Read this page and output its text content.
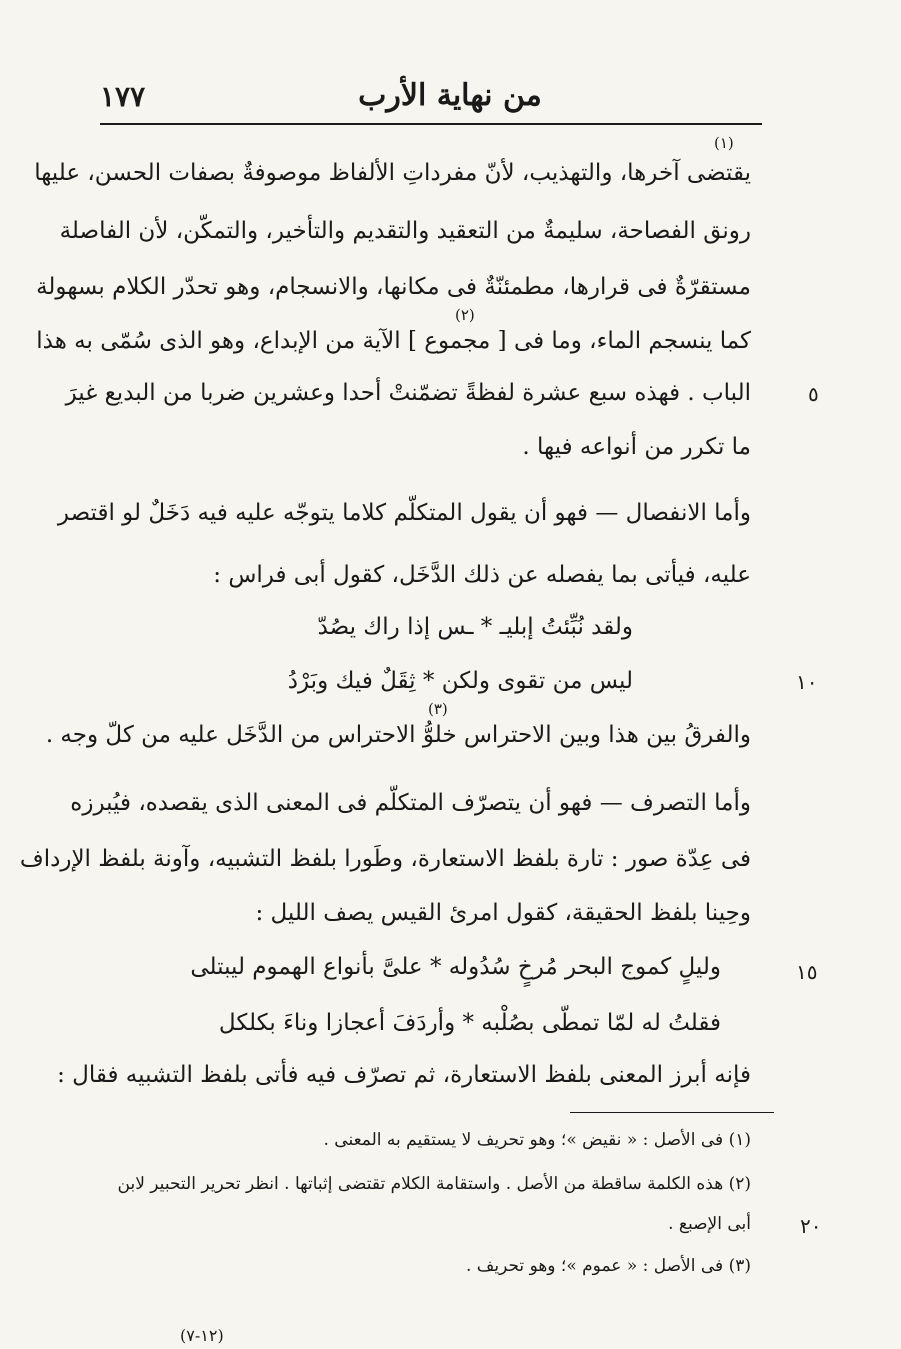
١٧٧	من نهاية الأرب
(١)
يقتضى آخرها، والتهذيب، لأنّ مفرداتِ الألفاظ موصوفةٌ بصفات الحسن، عليها
رونق الفصاحة، سليمةٌ من التعقيد والتقديم والتأخير، والتمكّن، لأن الفاصلة
مستقرّةٌ فى قرارها، مطمئنّةٌ فى مكانها، والانسجام، وهو تحدّر الكلام بسهولة
(٢)
كما ينسجم الماء، وما فى [ مجموع ] الآية من الإبداع، وهو الذى سُمّى به هذا
٥
الباب . فهذه سبع عشرة لفظةً تضمّنتْ أحدا وعشرين ضربا من البديع غيرَ
ما تكرر من أنواعه فيها .
وأما الانفصال — فهو أن يقول المتكلّم كلاما يتوجّه عليه فيه دَخَلٌ لو اقتصر
عليه، فيأتى بما يفصله عن ذلك الدَّخَل، كقول أبى فراس :
ولقد نُبِّئتُ إبليـ * ـس إذا راك يصُدّ
١٠
ليس من تقوى ولكن * ثِقَلٌ فيك وبَرْدُ
(٣)
والفرقُ بين هذا وبين الاحتراس خلوُّ الاحتراس من الدَّخَل عليه من كلّ وجه .
وأما التصرف — فهو أن يتصرّف المتكلّم فى المعنى الذى يقصده، فيُبرزه
فى عِدّة صور : تارة بلفظ الاستعارة، وطَورا بلفظ التشبيه، وآونة بلفظ الإرداف
وحِينا بلفظ الحقيقة، كقول امرئ القيس يصف الليل :
١٥
وليلٍ كموج البحر مُرخٍ سُدُوله * علىَّ بأنواع الهموم ليبتلى
فقلتُ له لمّا تمطّى بصُلْبه * وأردَفَ أعجازا وناءَ بكلكل
فإنه أبرز المعنى بلفظ الاستعارة، ثم تصرّف فيه فأتى بلفظ التشبيه فقال :
(١) فى الأصل : « نقيض »؛ وهو تحريف لا يستقيم به المعنى .
(٢) هذه الكلمة ساقطة من الأصل . واستقامة الكلام تقتضى إثباتها . انظر تحرير التحبير لابن
٢٠
أبى الإصبع .
(٣) فى الأصل : « عموم »؛ وهو تحريف .
(١٢-٧)
